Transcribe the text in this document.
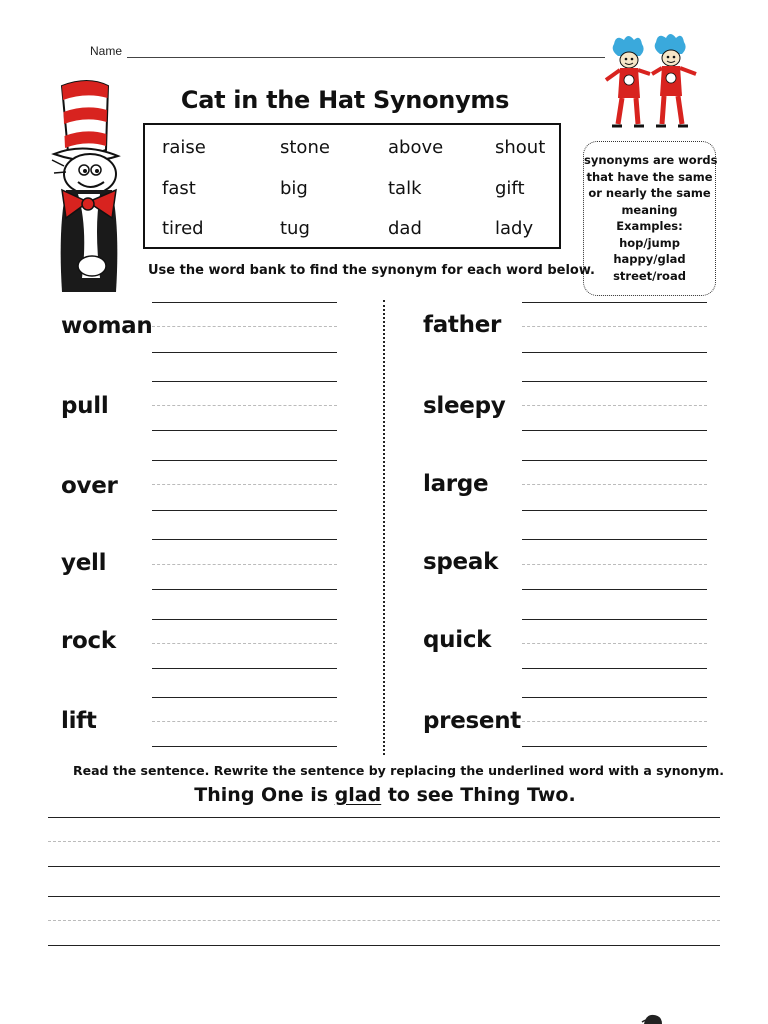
Name
Cat in the Hat Synonyms
raise	stone	above	shout
fast	big	talk	gift
tired	tug	dad	lady
synonyms are words
that have the same
or nearly the same
meaning
Examples:
hop/jump
happy/glad
street/road
Use the word bank to find the synonym for each word below.
woman
pull
over
yell
rock
lift
father
sleepy
large
speak
quick
present
Read the sentence. Rewrite the sentence by replacing the underlined word with a synonym.
Thing One is glad to see Thing Two.
